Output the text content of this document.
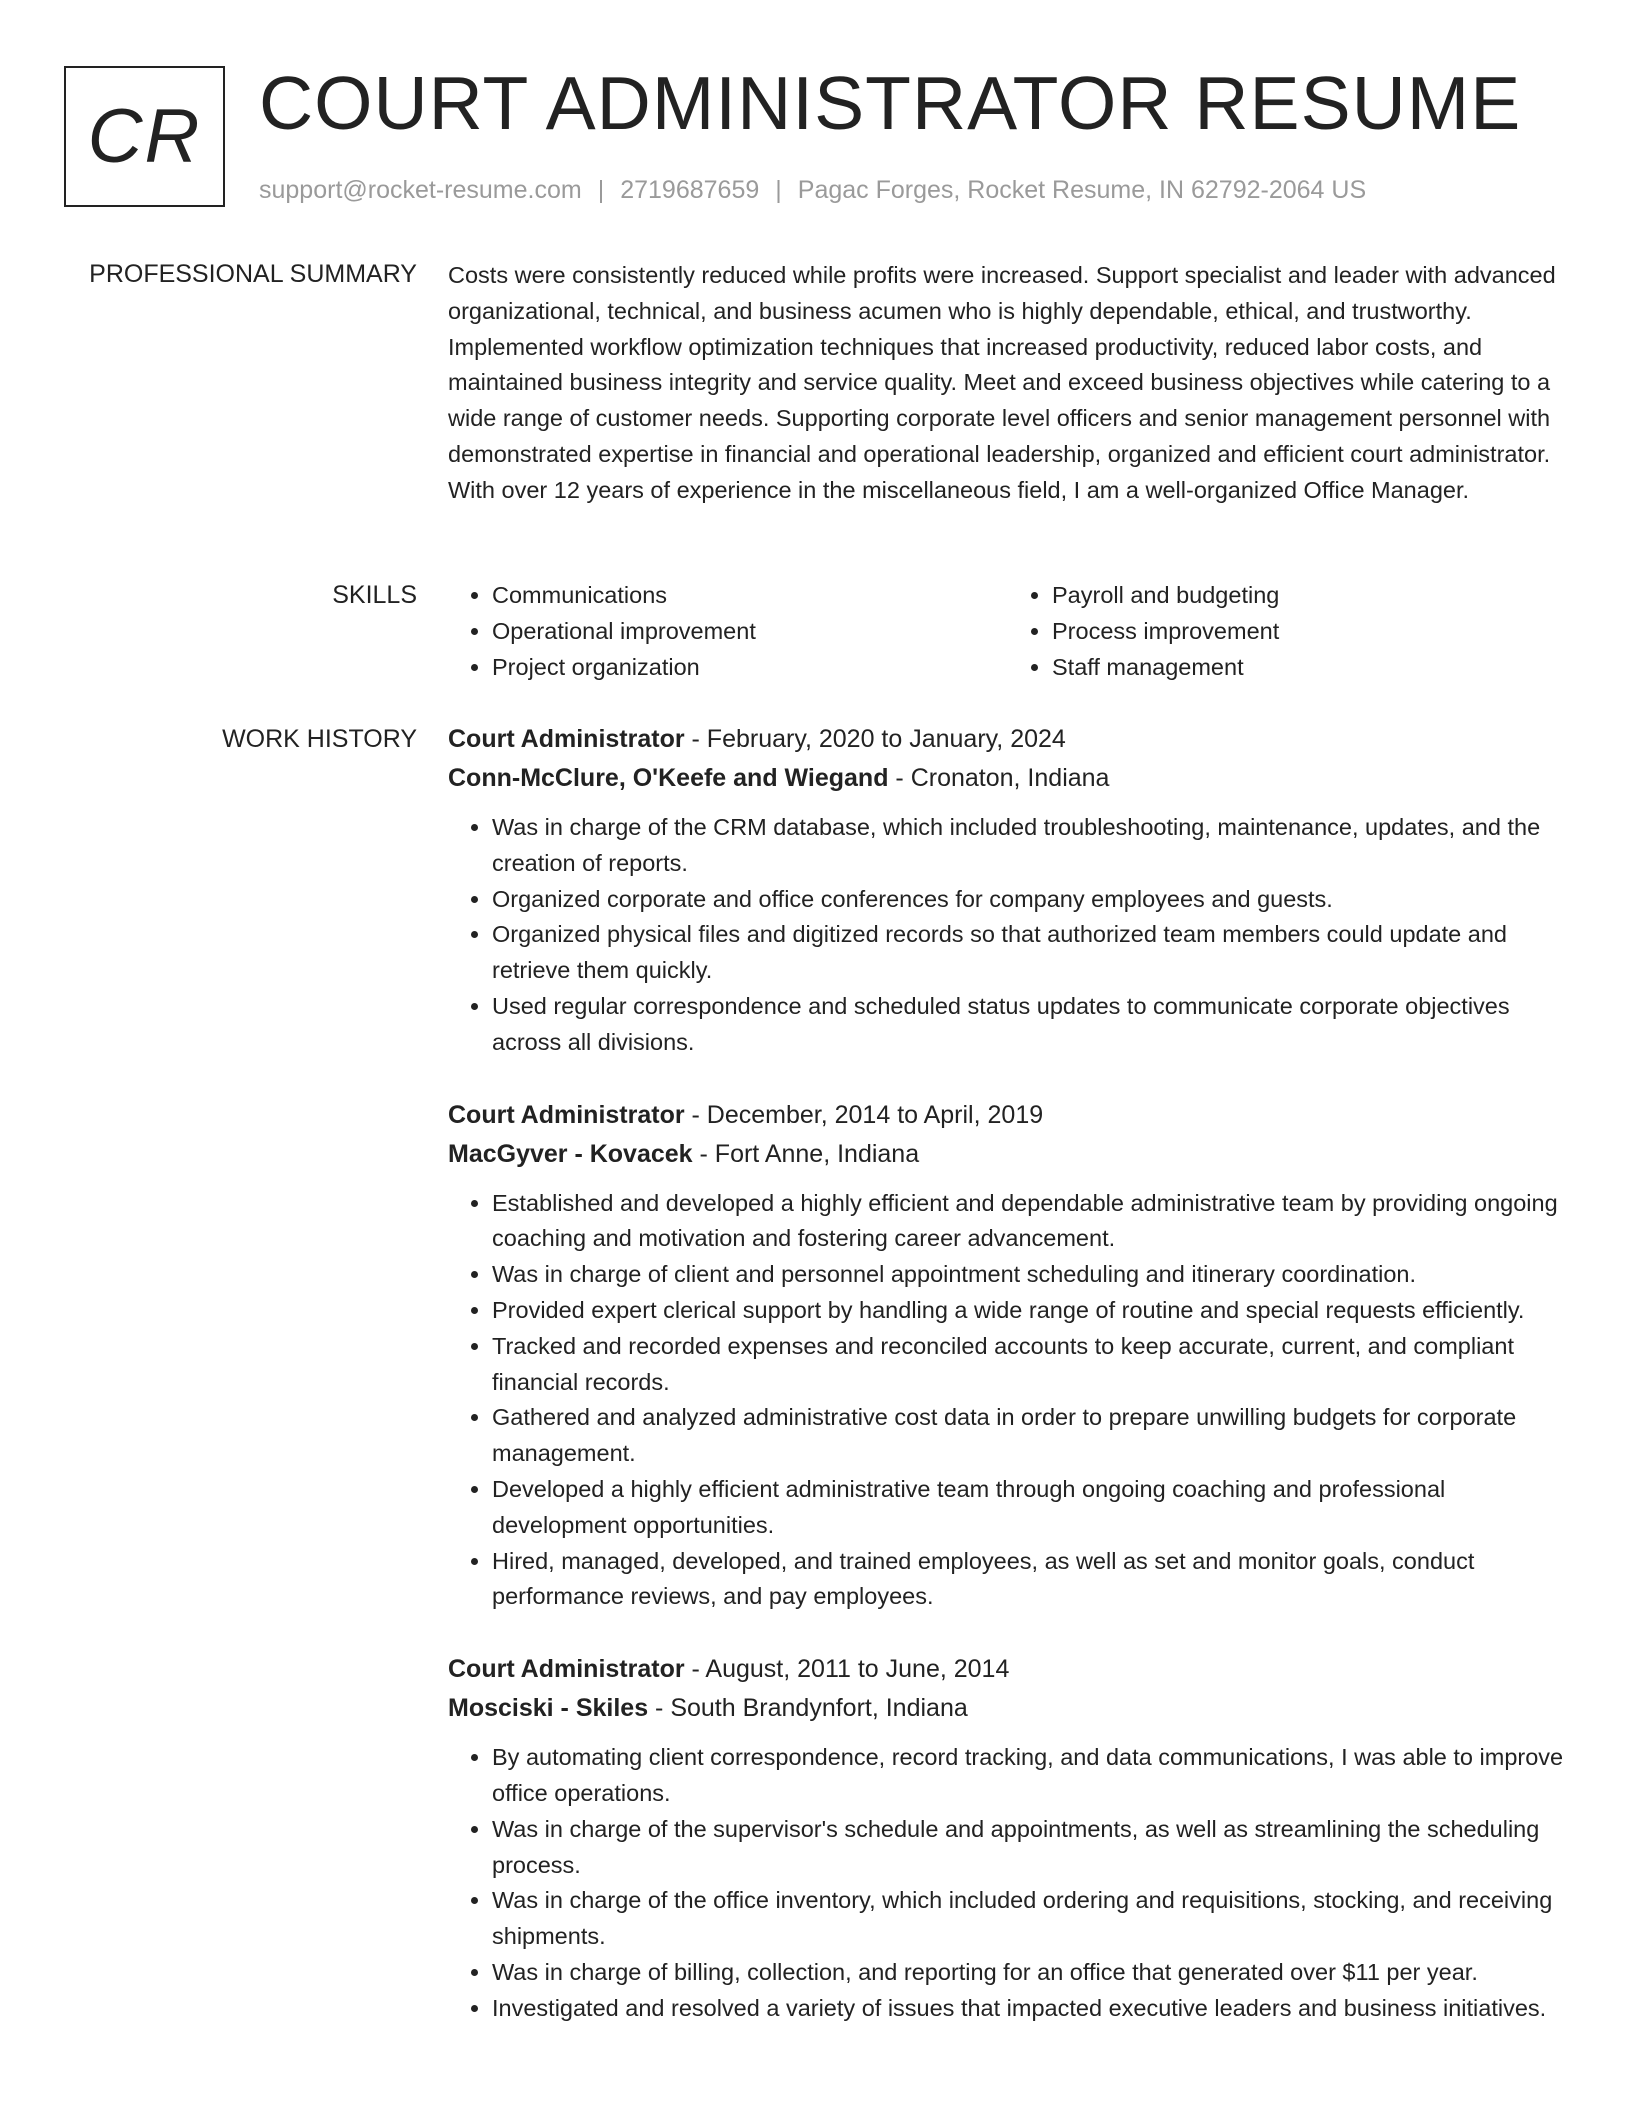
CR COURT ADMINISTRATOR RESUME
support@rocket-resume.com | 2719687659 | Pagac Forges, Rocket Resume, IN 62792-2064 US
PROFESSIONAL SUMMARY Costs were consistently reduced while profits were increased. Support specialist and leader with advanced organizational, technical, and business acumen who is highly dependable, ethical, and trustworthy. Implemented workflow optimization techniques that increased productivity, reduced labor costs, and maintained business integrity and service quality. Meet and exceed business objectives while catering to a wide range of customer needs. Supporting corporate level officers and senior management personnel with demonstrated expertise in financial and operational leadership, organized and efficient court administrator. With over 12 years of experience in the miscellaneous field, I am a well-organized Office Manager.

SKILLS
•	Communications
• Operational improvement
• Project organization
• Payroll and budgeting
• Process improvement
• Staff management
WORK HISTORY Court Administrator - February, 2020 to January, 2024
Conn-McClure, O'Keefe and Wiegand - Cronaton, Indiana
• Was in charge of the CRM database, which included troubleshooting, maintenance, updates, and the creation of reports.
• Organized corporate and office conferences for company employees and guests.
• Organized physical files and digitized records so that authorized team members could update and retrieve them quickly.
• Used regular correspondence and scheduled status updates to communicate corporate objectives across all divisions.
Court Administrator - December, 2014 to April, 2019
MacGyver - Kovacek - Fort Anne, Indiana
• Established and developed a highly efficient and dependable administrative team by providing ongoing coaching and motivation and fostering career advancement.
• Was in charge of client and personnel appointment scheduling and itinerary coordination.
• Provided expert clerical support by handling a wide range of routine and special requests efficiently.
• Tracked and recorded expenses and reconciled accounts to keep accurate, current, and compliant financial records.
• Gathered and analyzed administrative cost data in order to prepare unwilling budgets for corporate management.
• Developed a highly efficient administrative team through ongoing coaching and professional development opportunities.
• Hired, managed, developed, and trained employees, as well as set and monitor goals, conduct performance reviews, and pay employees.
Court Administrator - August, 2011 to June, 2014
Mosciski - Skiles - South Brandynfort, Indiana
• By automating client correspondence, record tracking, and data communications, I was able to improve office operations.
• Was in charge of the supervisor's schedule and appointments, as well as streamlining the scheduling process.
• Was in charge of the office inventory, which included ordering and requisitions, stocking, and receiving shipments.
• Was in charge of billing, collection, and reporting for an office that generated over $11 per year.
• Investigated and resolved a variety of issues that impacted executive leaders and business initiatives.
